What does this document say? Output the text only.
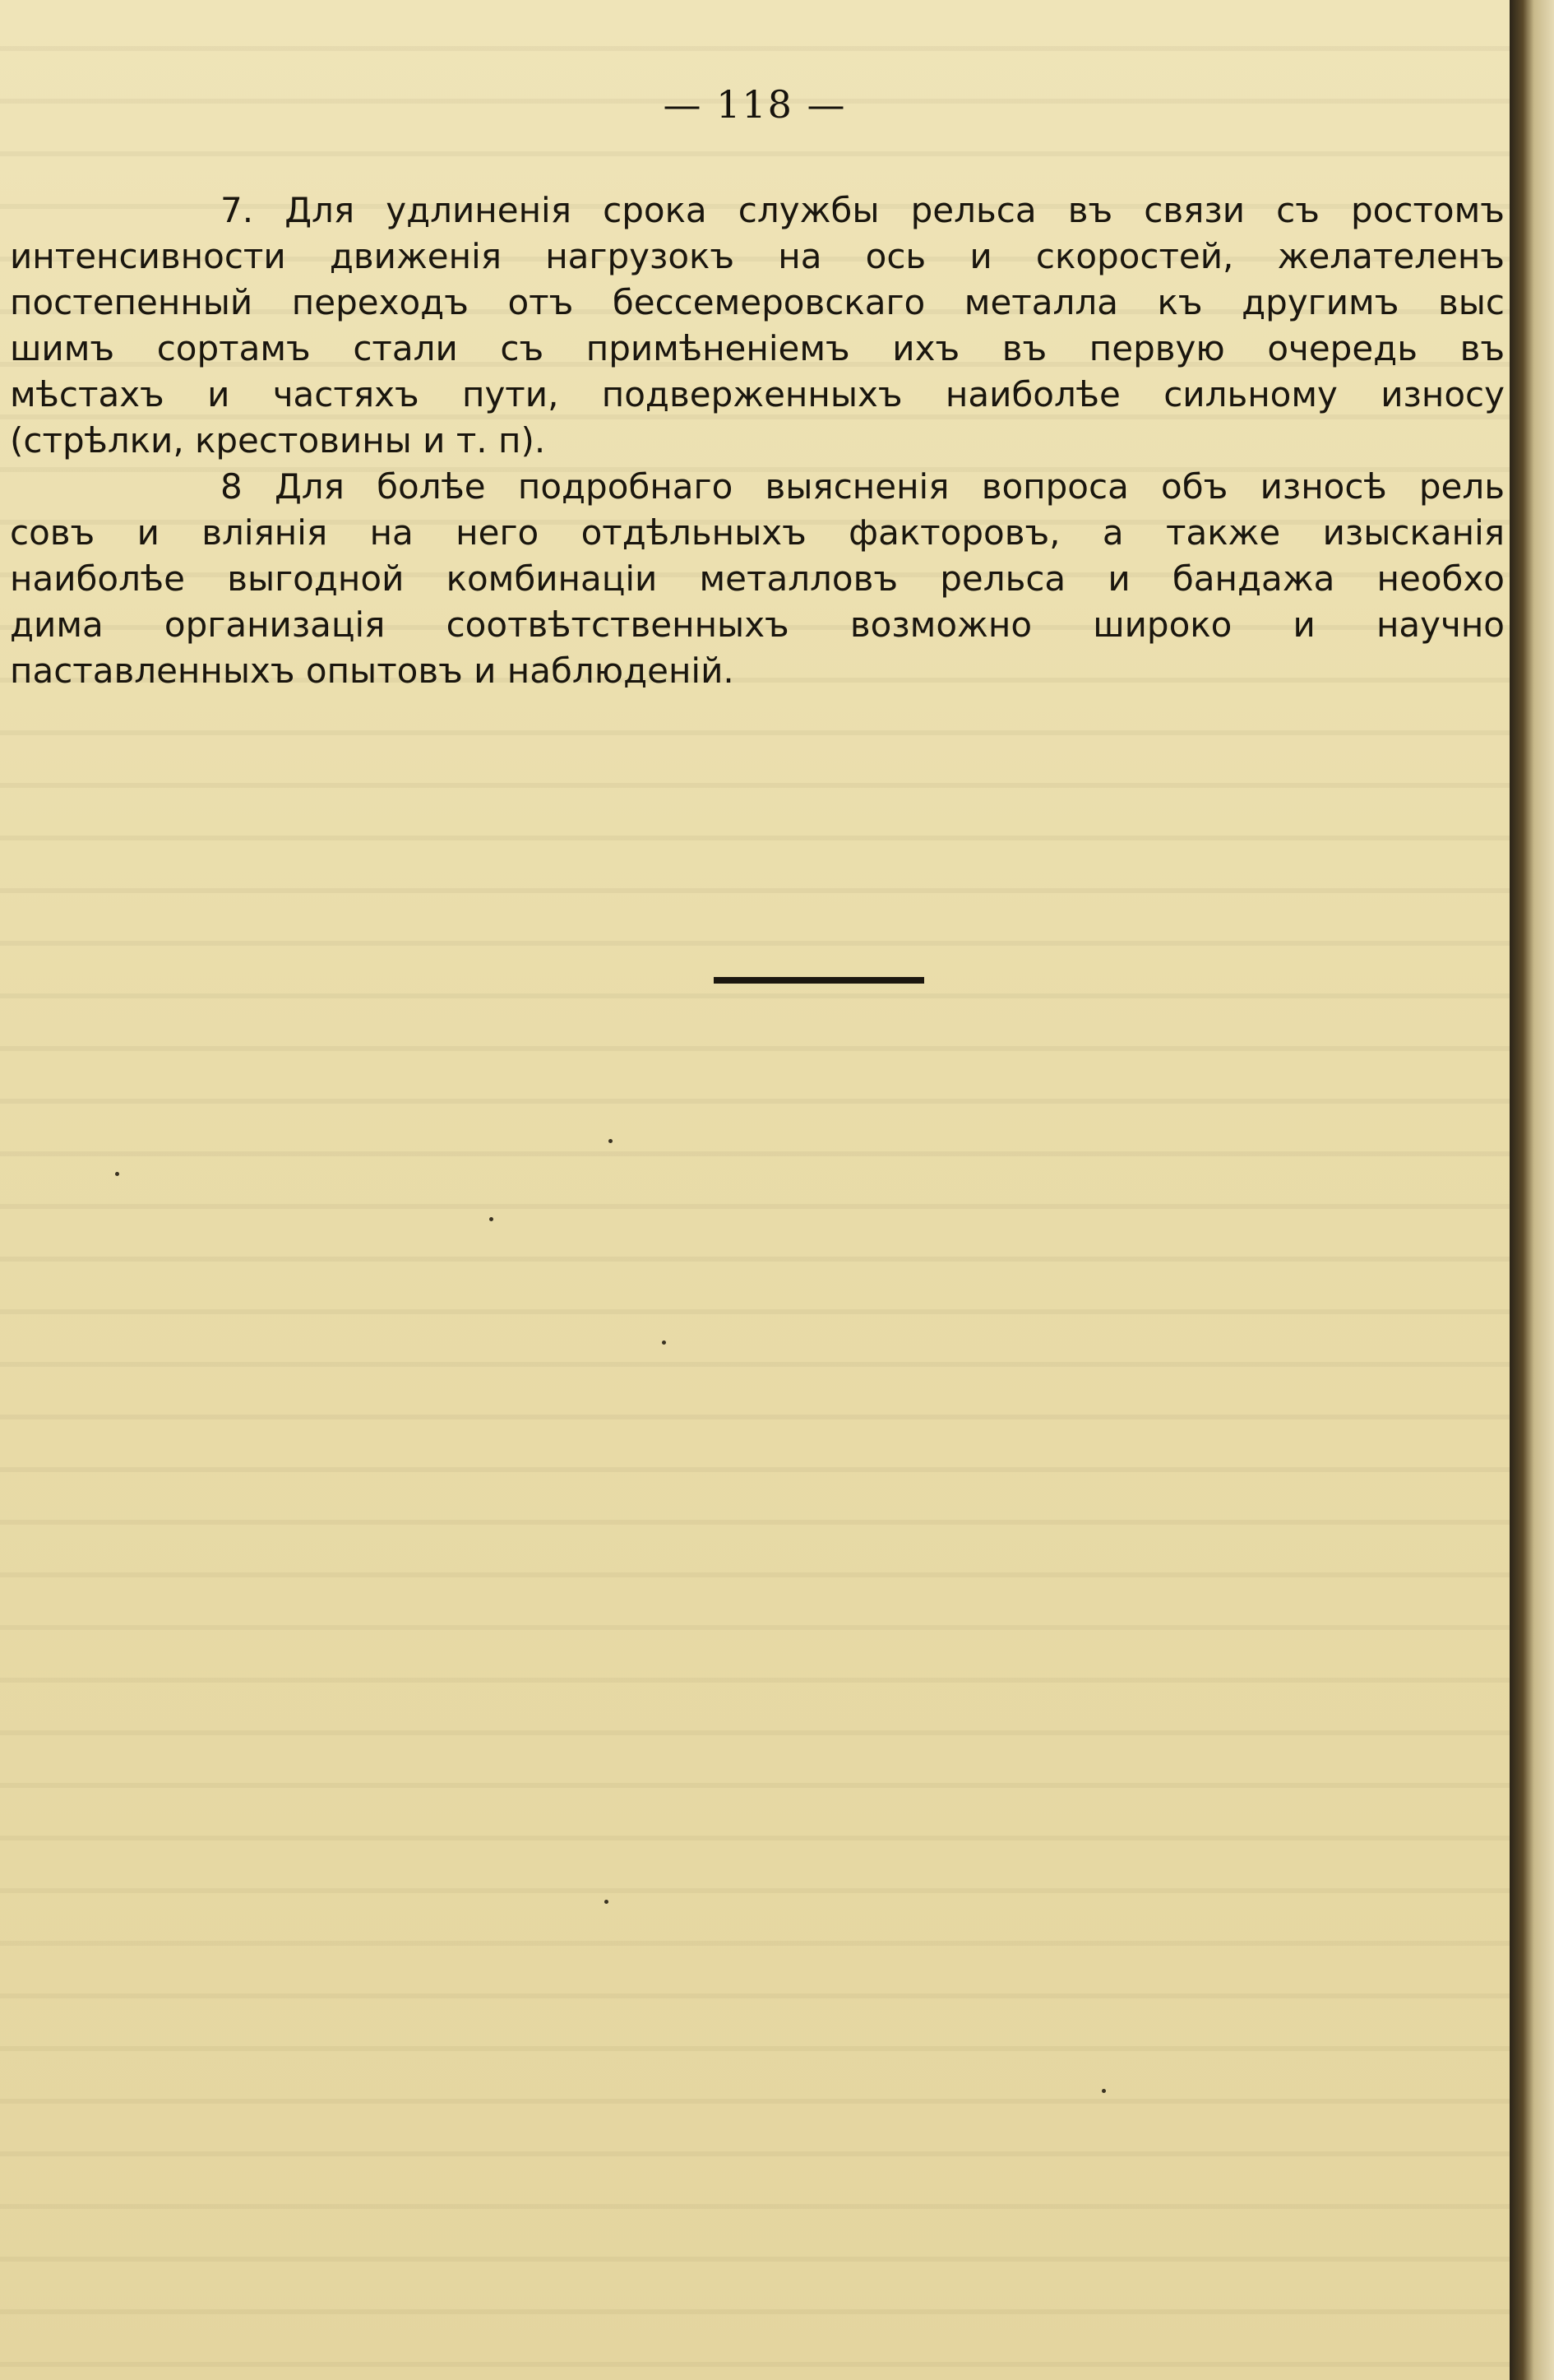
— 118 —
7. Для удлиненія срока службы рельса въ связи съ ростомъ
интенсивности движенія нагрузокъ на ось и скоростей, желателенъ
постепенный переходъ отъ бессемеровскаго металла къ другимъ выс
шимъ сортамъ стали съ примѣненіемъ ихъ въ первую очередь въ
мѣстахъ и частяхъ пути, подверженныхъ наиболѣе сильному износу
(стрѣлки, крестовины и т. п).
8 Для болѣе подробнаго выясненія вопроса объ износѣ рель
совъ и вліянія на него отдѣльныхъ факторовъ, а также изысканія
наиболѣе выгодной комбинаціи металловъ рельса и бандажа необхо
дима организація соотвѣтственныхъ возможно широко и научно
паставленныхъ опытовъ и наблюденій.
